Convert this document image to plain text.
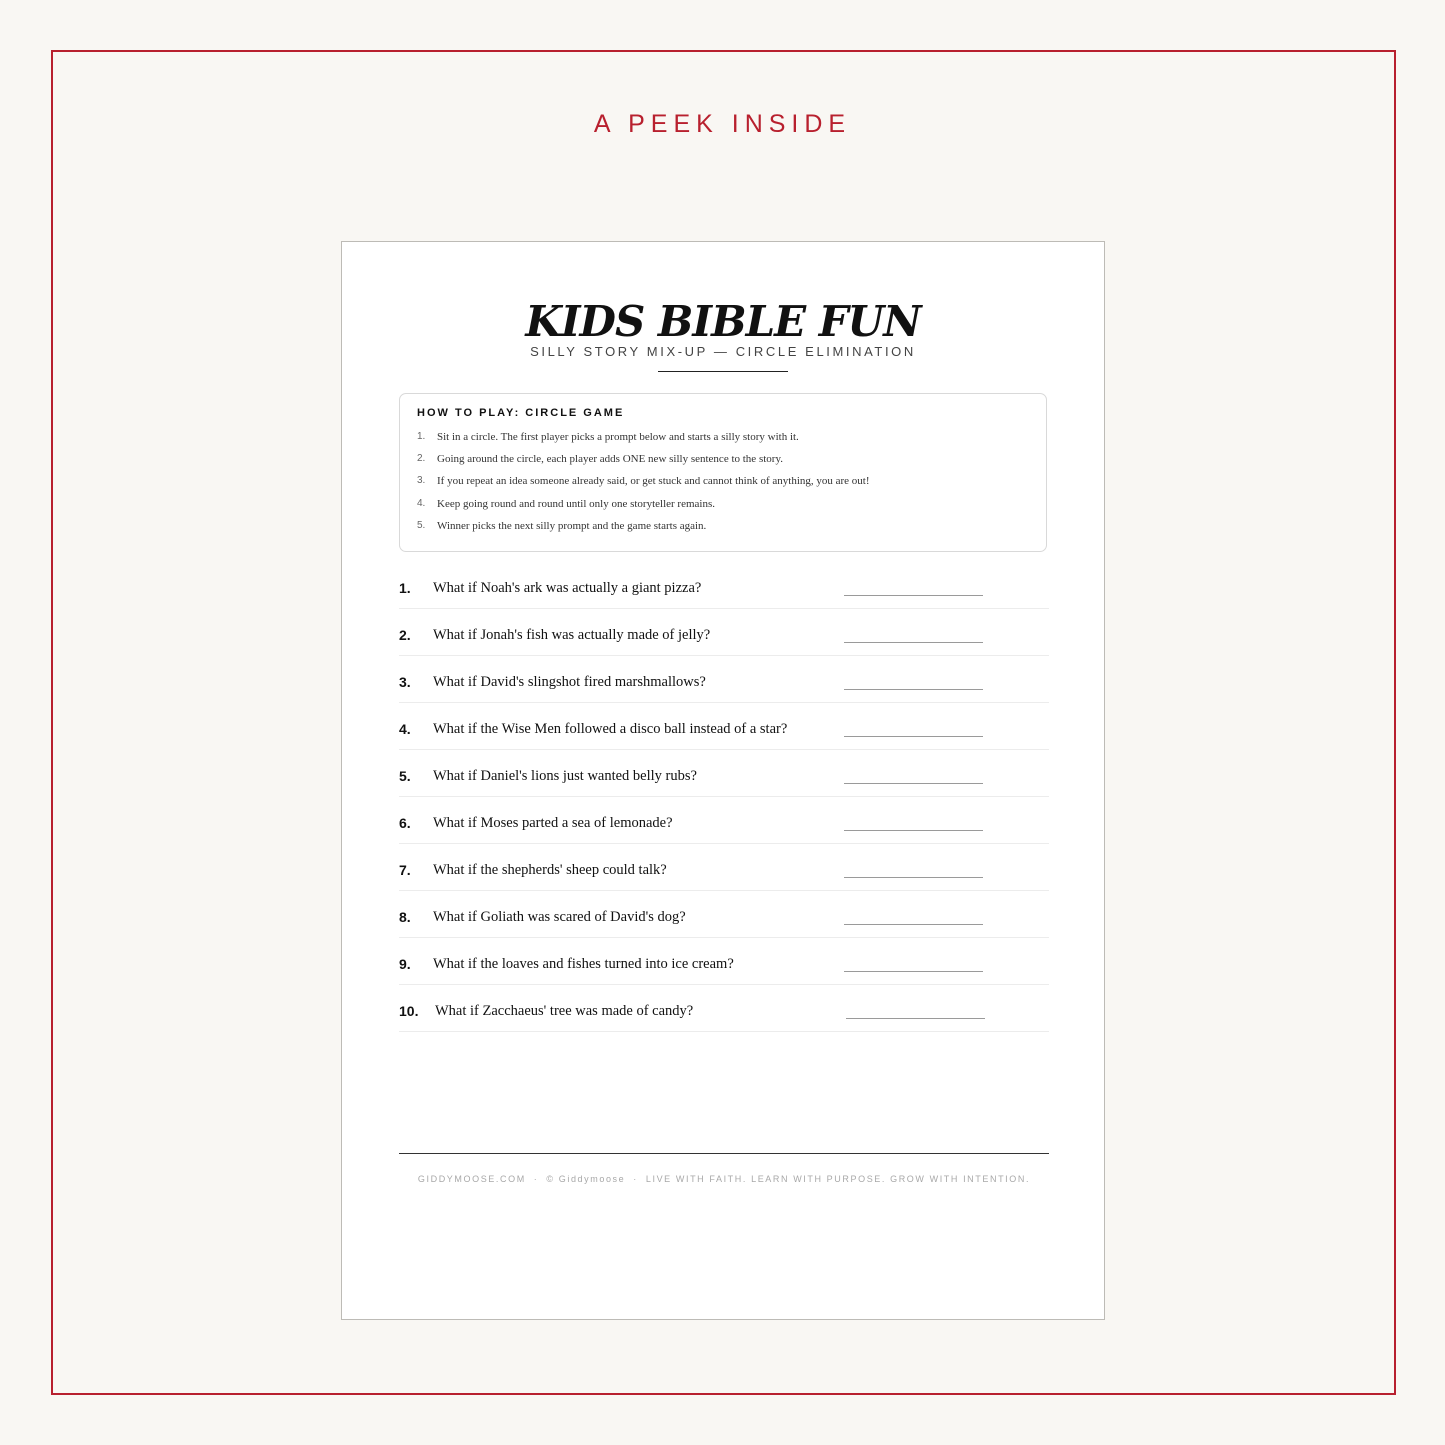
A PEEK INSIDE
KIDS BIBLE FUN
SILLY STORY MIX-UP — CIRCLE ELIMINATION
HOW TO PLAY: CIRCLE GAME
1.	Sit in a circle. The first player picks a prompt below and starts a silly story with it.
2.	Going around the circle, each player adds ONE new silly sentence to the story.
3.	If you repeat an idea someone already said, or get stuck and cannot think of anything, you are out!
4.	Keep going round and round until only one storyteller remains.
5.	Winner picks the next silly prompt and the game starts again.
1. What if Noah's ark was actually a giant pizza?
2. What if Jonah's fish was actually made of jelly?
3. What if David's slingshot fired marshmallows?
4. What if the Wise Men followed a disco ball instead of a star?
5. What if Daniel's lions just wanted belly rubs?
6. What if Moses parted a sea of lemonade?
7. What if the shepherds' sheep could talk?
8. What if Goliath was scared of David's dog?
9. What if the loaves and fishes turned into ice cream?
10. What if Zacchaeus' tree was made of candy?
GIDDYMOOSE.COM · © Giddymoose · LIVE WITH FAITH. LEARN WITH PURPOSE. GROW WITH INTENTION.
